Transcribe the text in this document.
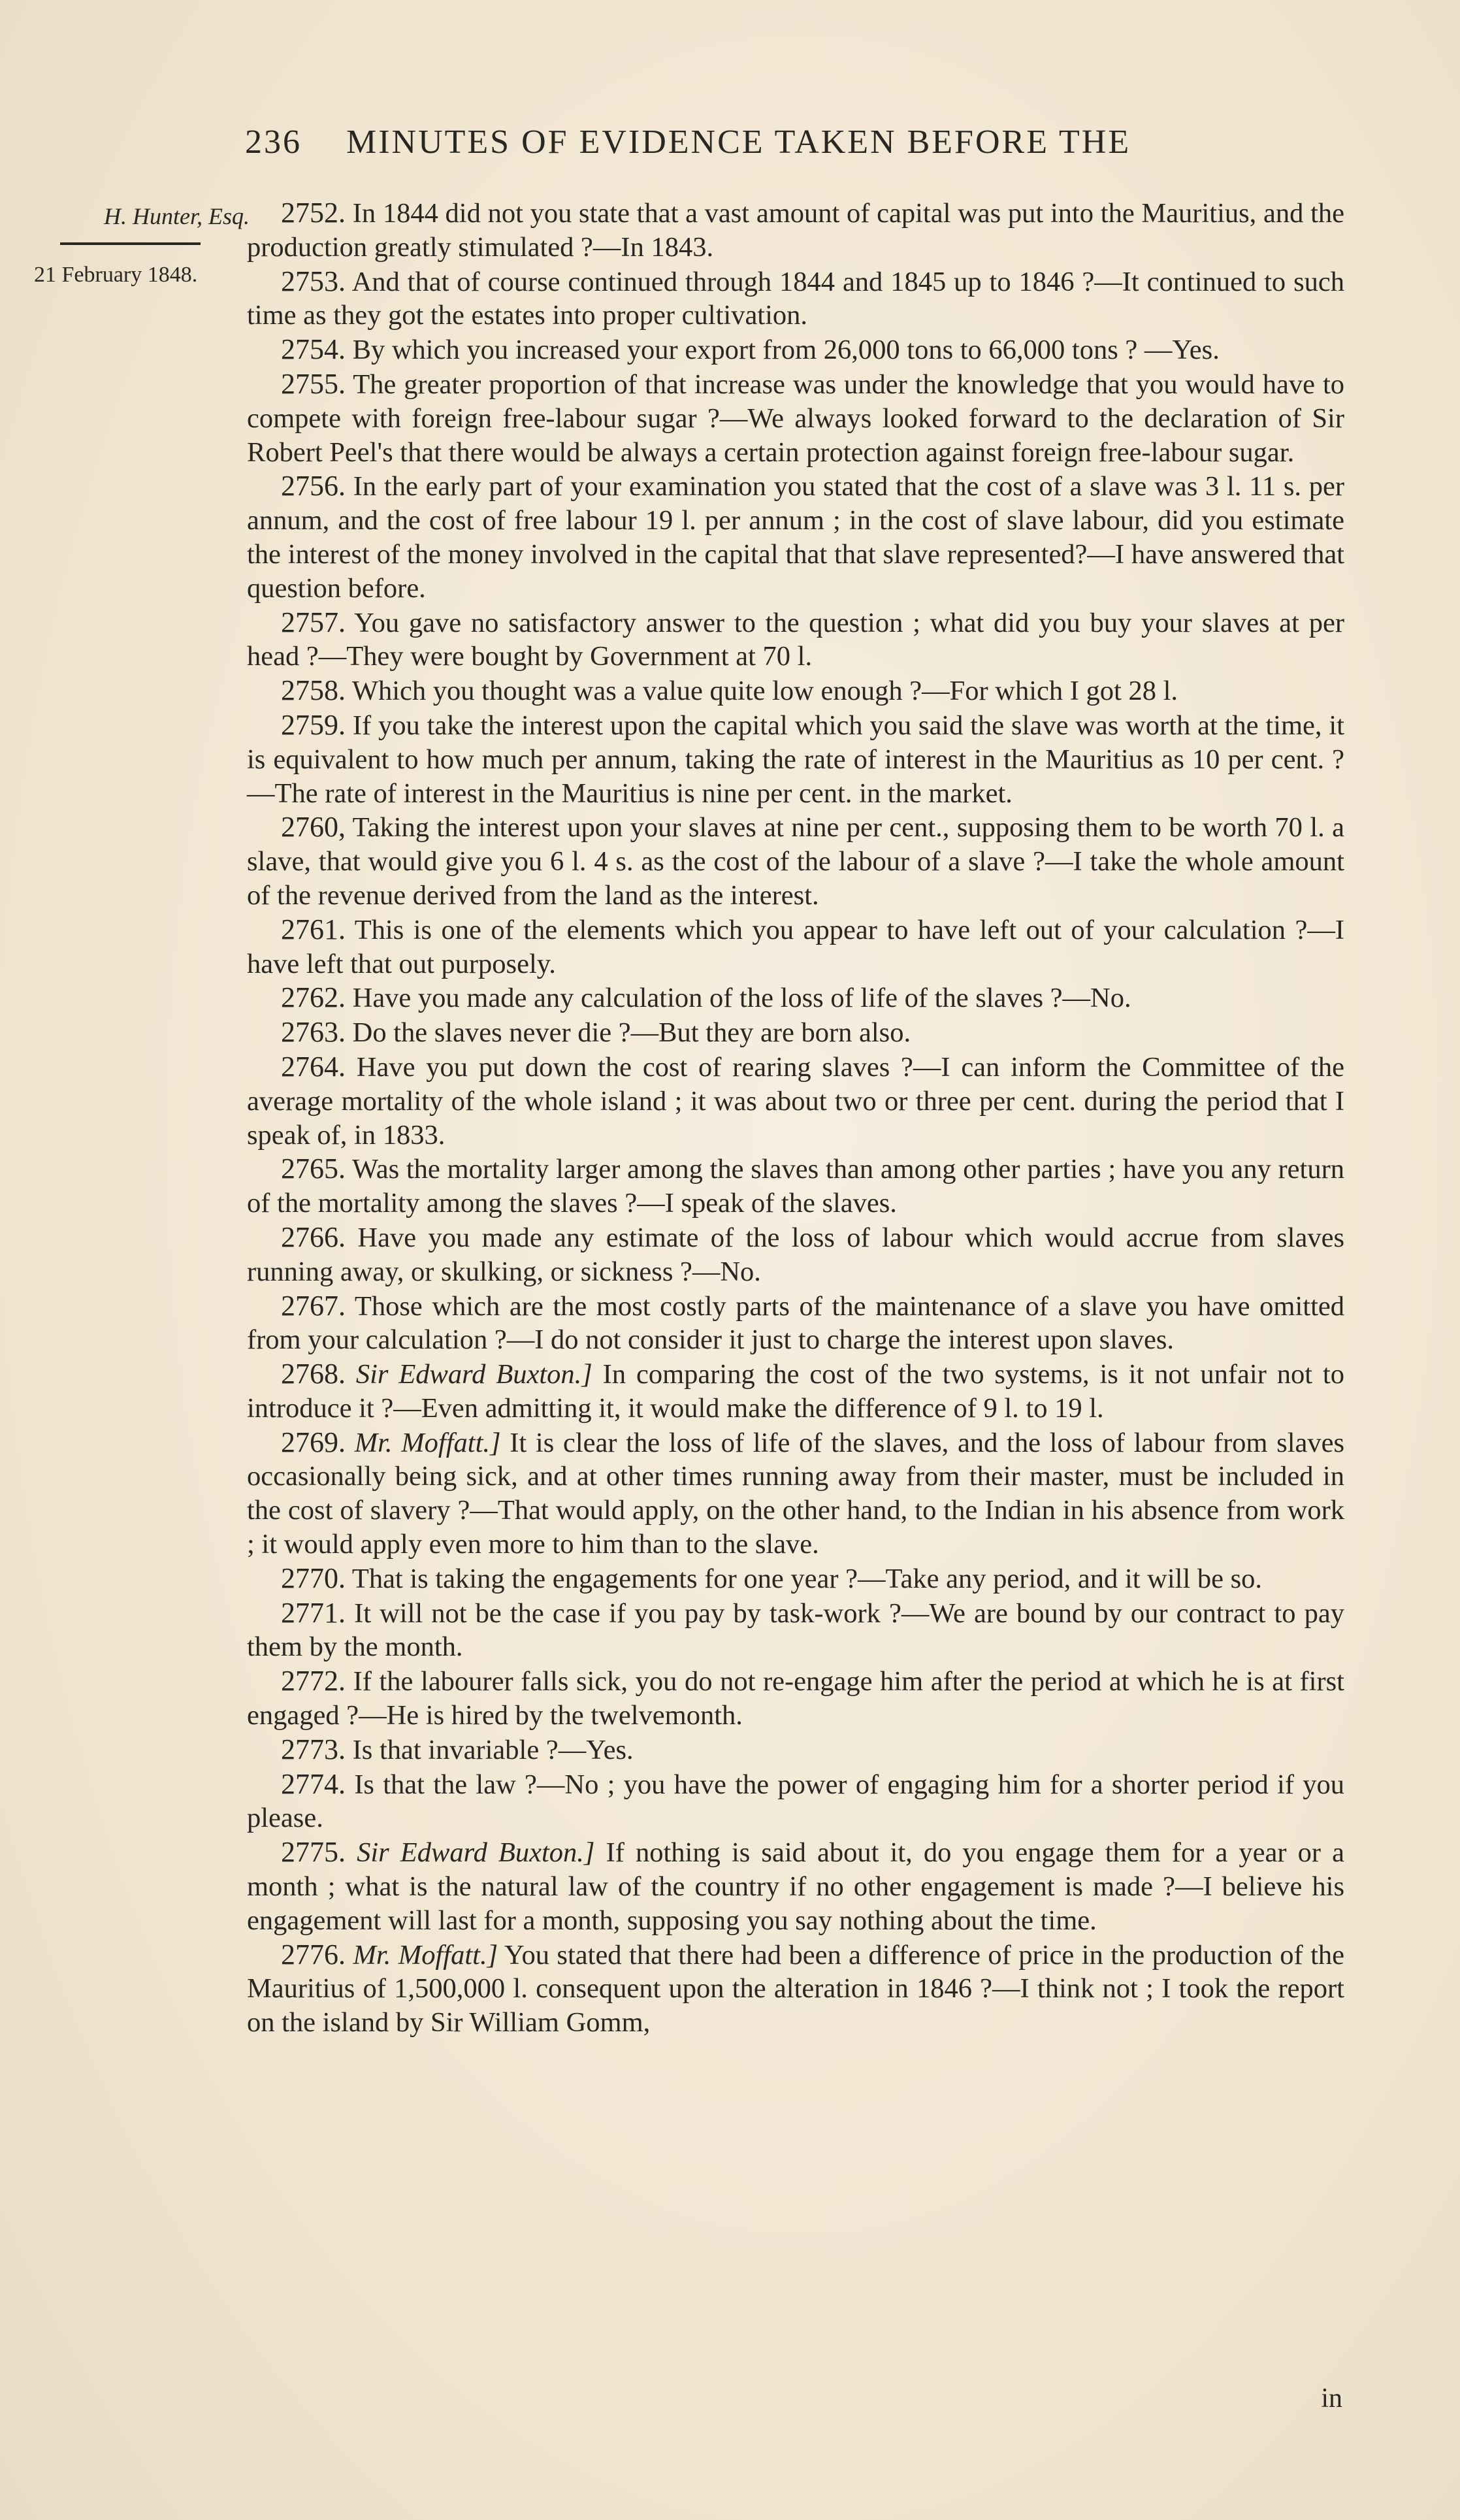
236 MINUTES OF EVIDENCE TAKEN BEFORE THE
H. Hunter, Esq.
21 February 1848.

2752. In 1844 did not you state that a vast amount of capital was put into the Mauritius, and the production greatly stimulated ?—In 1843.

2753. And that of course continued through 1844 and 1845 up to 1846 ?—It continued to such time as they got the estates into proper cultivation.

2754. By which you increased your export from 26,000 tons to 66,000 tons ? —Yes.

2755. The greater proportion of that increase was under the knowledge that you would have to compete with foreign free-labour sugar ?—We always looked forward to the declaration of Sir Robert Peel's that there would be always a certain protection against foreign free-labour sugar.

2756. In the early part of your examination you stated that the cost of a slave was 3 l. 11 s. per annum, and the cost of free labour 19 l. per annum ; in the cost of slave labour, did you estimate the interest of the money involved in the capital that that slave represented?—I have answered that question before.

2757. You gave no satisfactory answer to the question ; what did you buy your slaves at per head ?—They were bought by Government at 70 l.

2758. Which you thought was a value quite low enough ?—For which I got 28 l.

2759. If you take the interest upon the capital which you said the slave was worth at the time, it is equivalent to how much per annum, taking the rate of interest in the Mauritius as 10 per cent. ?—The rate of interest in the Mauritius is nine per cent. in the market.

2760, Taking the interest upon your slaves at nine per cent., supposing them to be worth 70 l. a slave, that would give you 6 l. 4 s. as the cost of the labour of a slave ?—I take the whole amount of the revenue derived from the land as the interest.

2761. This is one of the elements which you appear to have left out of your calculation ?—I have left that out purposely.

2762. Have you made any calculation of the loss of life of the slaves ?—No.

2763. Do the slaves never die ?—But they are born also.

2764. Have you put down the cost of rearing slaves ?—I can inform the Committee of the average mortality of the whole island ; it was about two or three per cent. during the period that I speak of, in 1833.

2765. Was the mortality larger among the slaves than among other parties ; have you any return of the mortality among the slaves ?—I speak of the slaves.

2766. Have you made any estimate of the loss of labour which would accrue from slaves running away, or skulking, or sickness ?—No.

2767. Those which are the most costly parts of the maintenance of a slave you have omitted from your calculation ?—I do not consider it just to charge the interest upon slaves.

2768. Sir Edward Buxton.] In comparing the cost of the two systems, is it not unfair not to introduce it ?—Even admitting it, it would make the difference of 9 l. to 19 l.

2769. Mr. Moffatt.] It is clear the loss of life of the slaves, and the loss of labour from slaves occasionally being sick, and at other times running away from their master, must be included in the cost of slavery ?—That would apply, on the other hand, to the Indian in his absence from work ; it would apply even more to him than to the slave.

2770. That is taking the engagements for one year ?—Take any period, and it will be so.

2771. It will not be the case if you pay by task-work ?—We are bound by our contract to pay them by the month.

2772. If the labourer falls sick, you do not re-engage him after the period at which he is at first engaged ?—He is hired by the twelvemonth.

2773. Is that invariable ?—Yes.

2774. Is that the law ?—No ; you have the power of engaging him for a shorter period if you please.

2775. Sir Edward Buxton.] If nothing is said about it, do you engage them for a year or a month ; what is the natural law of the country if no other engagement is made ?—I believe his engagement will last for a month, supposing you say nothing about the time.

2776. Mr. Moffatt.] You stated that there had been a difference of price in the production of the Mauritius of 1,500,000 l. consequent upon the alteration in 1846 ?—I think not ; I took the report on the island by Sir William Gomm,

in
